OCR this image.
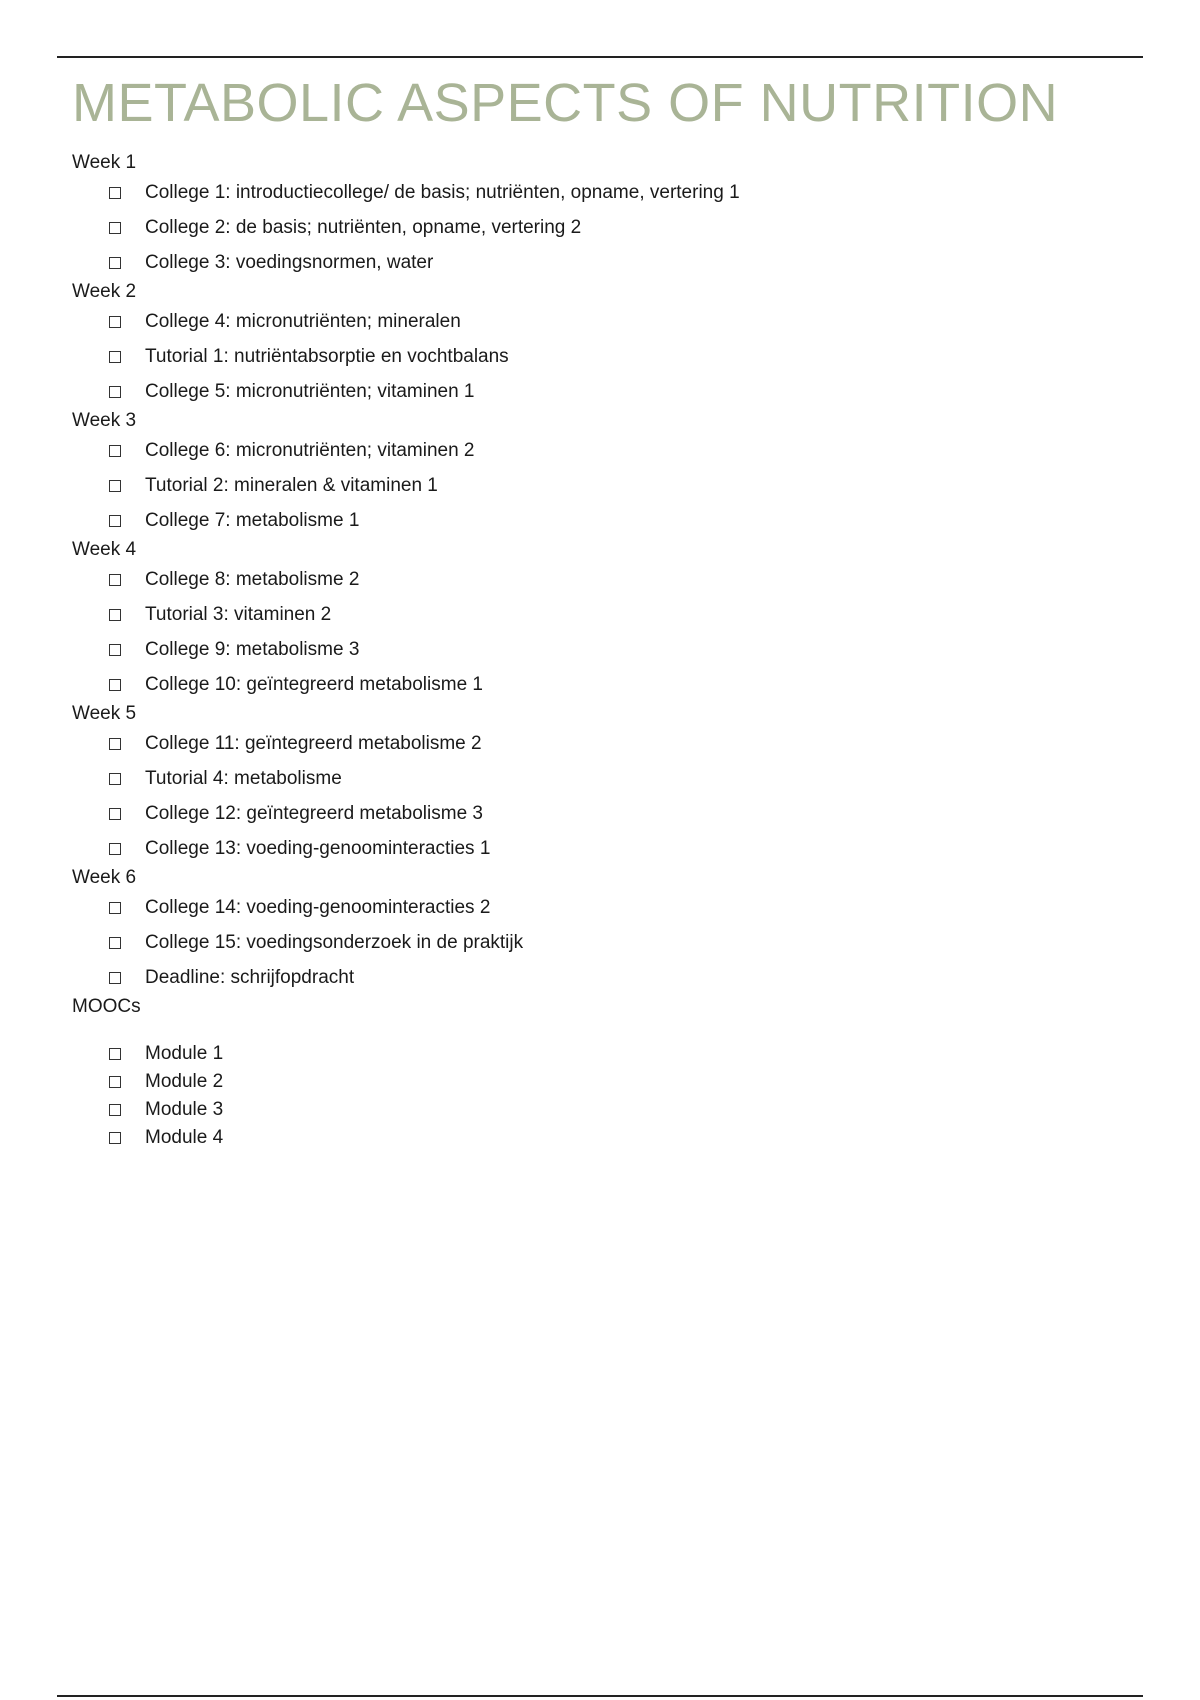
METABOLIC ASPECTS OF NUTRITION
Week 1
College 1: introductiecollege/ de basis; nutriënten, opname, vertering 1
College 2: de basis; nutriënten, opname, vertering 2
College 3: voedingsnormen, water
Week 2
College 4: micronutriënten; mineralen
Tutorial 1: nutriëntabsorptie en vochtbalans
College 5: micronutriënten; vitaminen 1
Week 3
College 6: micronutriënten; vitaminen 2
Tutorial 2: mineralen & vitaminen 1
College 7: metabolisme 1
Week 4
College 8: metabolisme 2
Tutorial 3: vitaminen 2
College 9: metabolisme 3
College 10: geïntegreerd metabolisme 1
Week 5
College 11: geïntegreerd metabolisme 2
Tutorial 4: metabolisme
College 12: geïntegreerd metabolisme 3
College 13: voeding-genoominteracties 1
Week 6
College 14: voeding-genoominteracties 2
College 15: voedingsonderzoek in de praktijk
Deadline: schrijfopdracht
MOOCs
Module 1
Module 2
Module 3
Module 4
